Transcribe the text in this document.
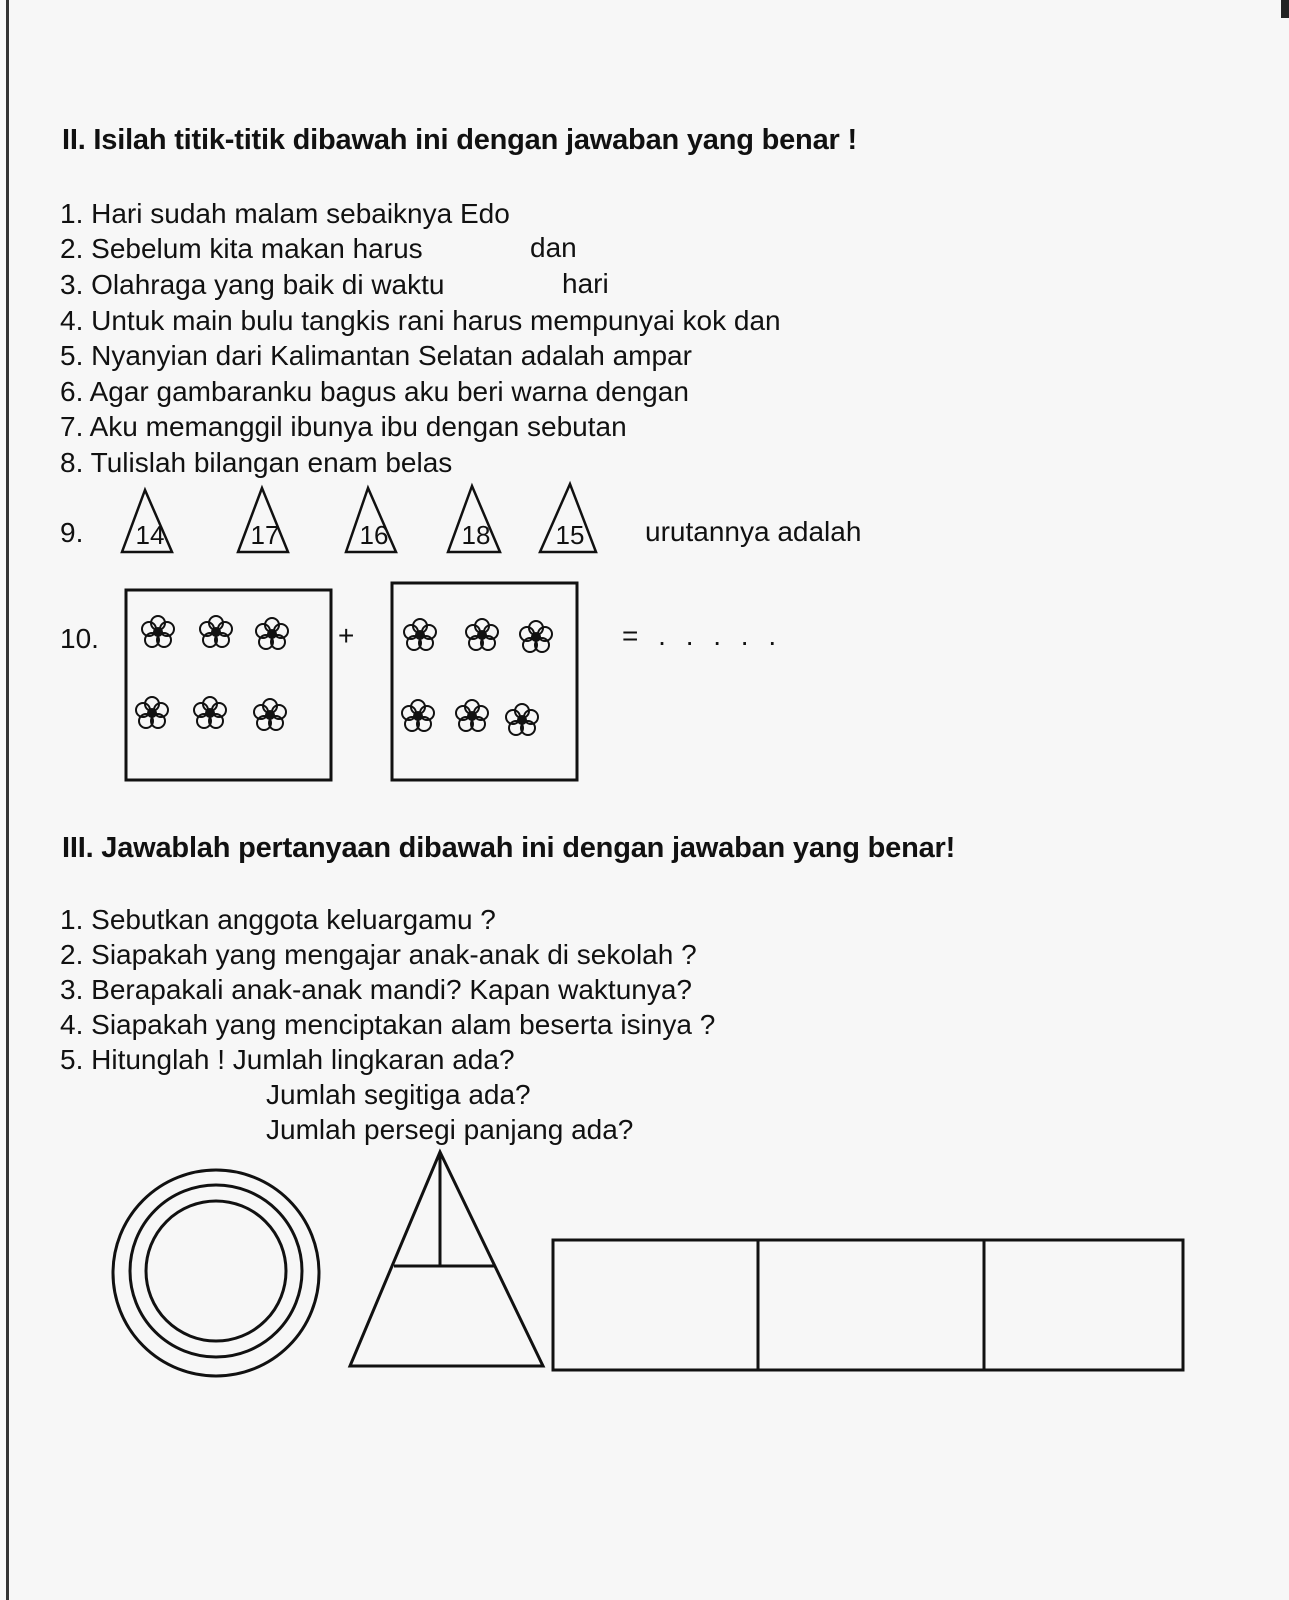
II. Isilah titik-titik dibawah ini dengan jawaban yang benar !
1. Hari sudah malam sebaiknya Edo
2. Sebelum kita makan harus	dan
3. Olahraga yang baik di waktu	hari
4. Untuk main bulu tangkis rani harus mempunyai kok dan
5. Nyanyian dari Kalimantan Selatan adalah ampar
6. Agar gambaranku bagus aku beri warna dengan
7. Aku memanggil ibunya ibu dengan sebutan
8. Tulislah bilangan enam belas
9. 14	17	16	18	15 urutannya adalah
10.	+	= . . . . .
III. Jawablah pertanyaan dibawah ini dengan jawaban yang benar!
1. Sebutkan anggota keluargamu ?
2. Siapakah yang mengajar anak-anak di sekolah ?
3. Berapakali anak-anak mandi? Kapan waktunya?
4. Siapakah yang menciptakan alam beserta isinya ?
5. Hitunglah ! Jumlah lingkaran ada?
Jumlah segitiga ada?
Jumlah persegi panjang ada?
